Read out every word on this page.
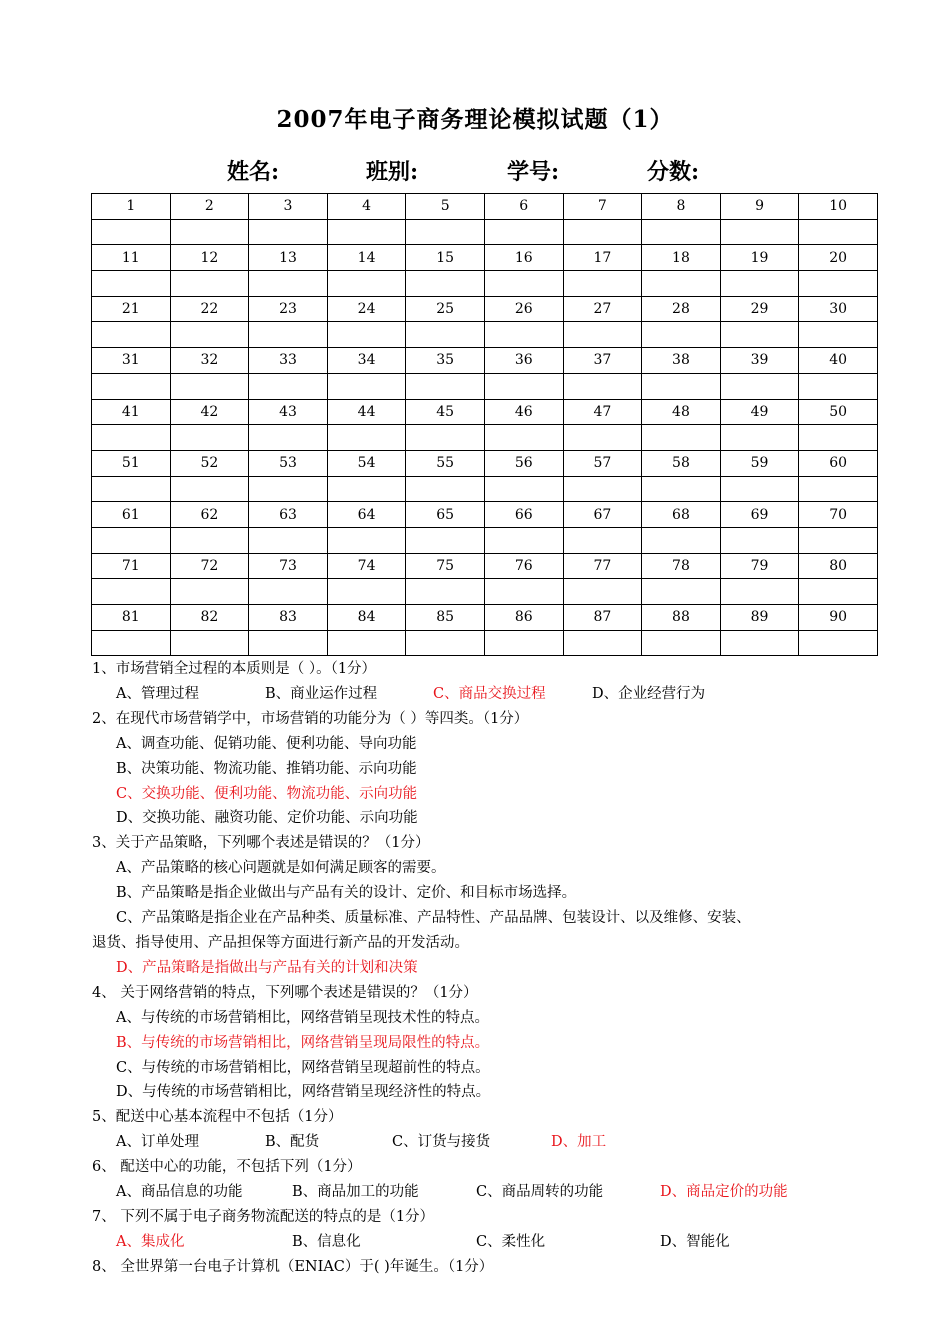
2007年电子商务理论模拟试题（1）
姓名:	班别:	学号:	分数:
1	2	3	4	5	6	7	8	9	10

11	12	13	14	15	16	17	18	19	20

21	22	23	24	25	26	27	28	29	30

31	32	33	34	35	36	37	38	39	40

41	42	43	44	45	46	47	48	49	50

51	52	53	54	55	56	57	58	59	60

61	62	63	64	65	66	67	68	69	70

71	72	73	74	75	76	77	78	79	80

81	82	83	84	85	86	87	88	89	90

1、市场营销全过程的本质则是（ ）。（1分）
A、管理过程	B、商业运作过程	C、商品交换过程	D、企业经营行为
2、在现代市场营销学中，市场营销的功能分为（ ）等四类。（1分）
A、调查功能、促销功能、便利功能、导向功能
B、决策功能、物流功能、推销功能、示向功能
C、交换功能、便利功能、物流功能、示向功能
D、交换功能、融资功能、定价功能、示向功能
3、关于产品策略，下列哪个表述是错误的？（1分）
A、产品策略的核心问题就是如何满足顾客的需要。
B、产品策略是指企业做出与产品有关的设计、定价、和目标市场选择。
C、产品策略是指企业在产品种类、质量标准、产品特性、产品品牌、包装设计、以及维修、安装、
退货、指导使用、产品担保等方面进行新产品的开发活动。
D、产品策略是指做出与产品有关的计划和决策
4、 关于网络营销的特点，下列哪个表述是错误的？（1分）
A、与传统的市场营销相比，网络营销呈现技术性的特点。
B、与传统的市场营销相比，网络营销呈现局限性的特点。
C、与传统的市场营销相比，网络营销呈现超前性的特点。
D、与传统的市场营销相比，网络营销呈现经济性的特点。
5、配送中心基本流程中不包括（1分）
A、订单处理	B、配货	C、订货与接货	D、加工
6、 配送中心的功能，不包括下列（1分）
A、商品信息的功能	B、商品加工的功能	C、商品周转的功能	D、商品定价的功能
7、 下列不属于电子商务物流配送的特点的是（1分）
A、集成化	B、信息化	C、柔性化	D、智能化
8、 全世界第一台电子计算机（ENIAC）于( )年诞生。（1分）
